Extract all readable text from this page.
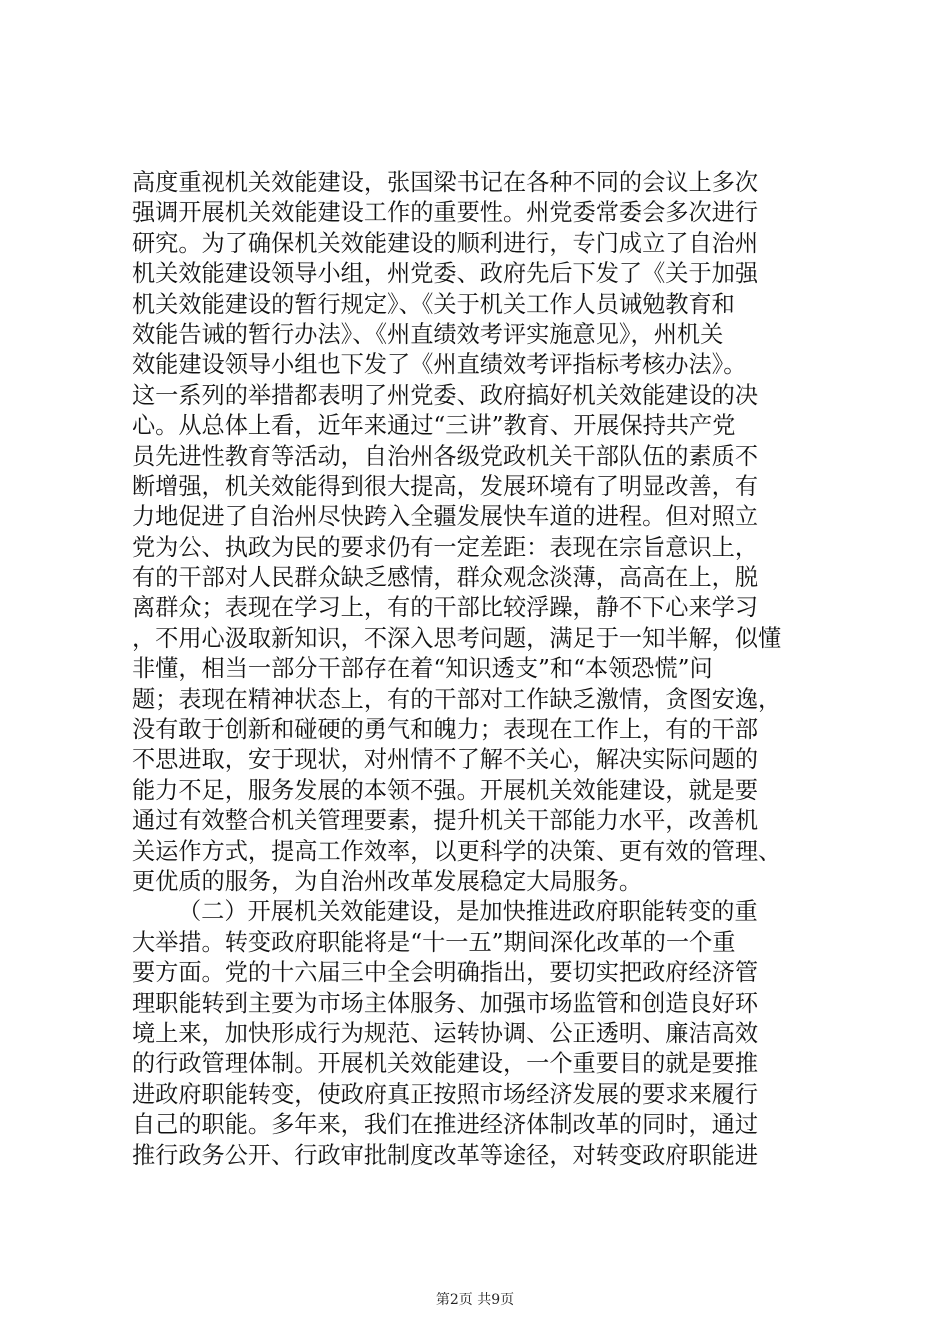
高度重视机关效能建设，张国梁书记在各种不同的会议上多次
强调开展机关效能建设工作的重要性。州党委常委会多次进行
研究。为了确保机关效能建设的顺利进行，专门成立了自治州
机关效能建设领导小组，州党委、政府先后下发了《关于加强
机关效能建设的暂行规定》、《关于机关工作人员诫勉教育和
效能告诫的暂行办法》、《州直绩效考评实施意见》，州机关
效能建设领导小组也下发了《州直绩效考评指标考核办法》。
这一系列的举措都表明了州党委、政府搞好机关效能建设的决
心。从总体上看，近年来通过“三讲”教育、开展保持共产党
员先进性教育等活动，自治州各级党政机关干部队伍的素质不
断增强，机关效能得到很大提高，发展环境有了明显改善，有
力地促进了自治州尽快跨入全疆发展快车道的进程。但对照立
党为公、执政为民的要求仍有一定差距：表现在宗旨意识上，
有的干部对人民群众缺乏感情，群众观念淡薄，高高在上，脱
离群众；表现在学习上，有的干部比较浮躁，静不下心来学习
，不用心汲取新知识，不深入思考问题，满足于一知半解，似懂
非懂，相当一部分干部存在着“知识透支”和“本领恐慌”问
题；表现在精神状态上，有的干部对工作缺乏激情，贪图安逸，
没有敢于创新和碰硬的勇气和魄力；表现在工作上，有的干部
不思进取，安于现状，对州情不了解不关心，解决实际问题的
能力不足，服务发展的本领不强。开展机关效能建设，就是要
通过有效整合机关管理要素，提升机关干部能力水平，改善机
关运作方式，提高工作效率，以更科学的决策、更有效的管理、
更优质的服务，为自治州改革发展稳定大局服务。
（二）开展机关效能建设，是加快推进政府职能转变的重
大举措。转变政府职能将是“十一五”期间深化改革的一个重
要方面。党的十六届三中全会明确指出，要切实把政府经济管
理职能转到主要为市场主体服务、加强市场监管和创造良好环
境上来，加快形成行为规范、运转协调、公正透明、廉洁高效
的行政管理体制。开展机关效能建设，一个重要目的就是要推
进政府职能转变，使政府真正按照市场经济发展的要求来履行
自己的职能。多年来，我们在推进经济体制改革的同时，通过
推行政务公开、行政审批制度改革等途径，对转变政府职能进
第2页 共9页
